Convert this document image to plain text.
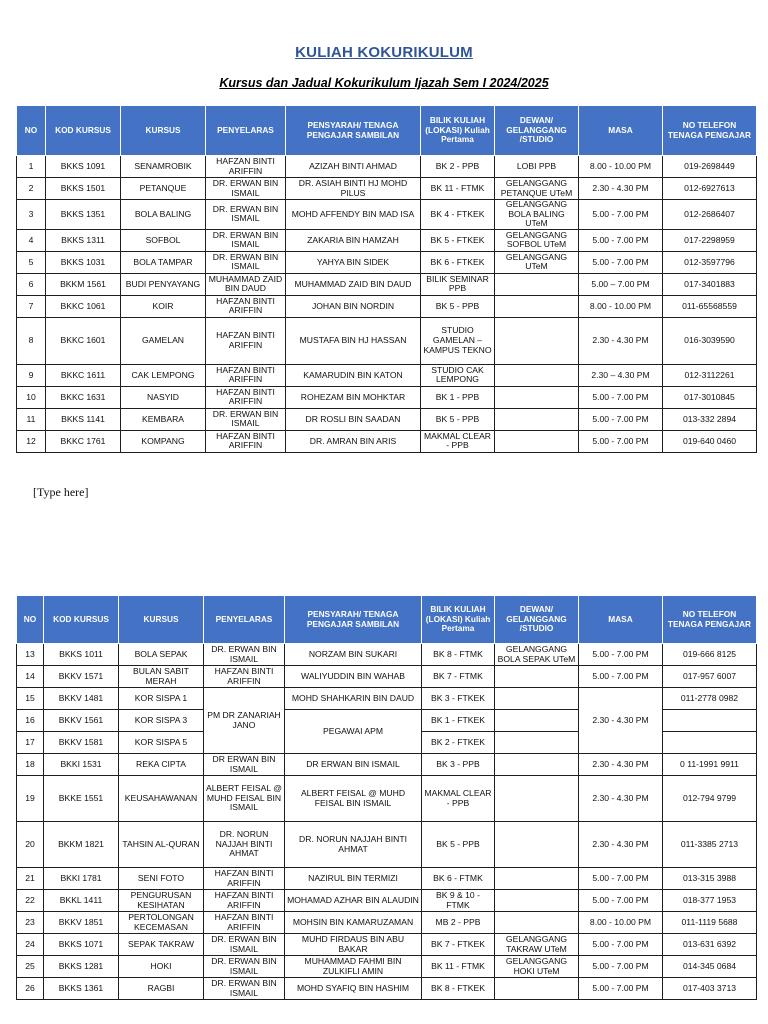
KULIAH KOKURIKULUM
Kursus dan Jadual Kokurikulum Ijazah Sem I 2024/2025
NO	KOD KURSUS	KURSUS	PENYELARAS	PENSYARAH/ TENAGA PENGAJAR SAMBILAN	BILIK KULIAH (LOKASI) Kuliah Pertama	DEWAN/ GELANGGANG /STUDIO	MASA	NO TELEFON TENAGA PENGAJAR
1	BKKS 1091	SENAMROBIK	HAFZAN BINTI ARIFFIN	AZIZAH BINTI AHMAD	BK 2 - PPB	LOBI PPB	8.00 - 10.00 PM	019-2698449
2	BKKS 1501	PETANQUE	DR. ERWAN BIN ISMAIL	DR. ASIAH BINTI HJ MOHD PILUS	BK 11 - FTMK	GELANGGANG PETANQUE UTeM	2.30 - 4.30 PM	012-6927613
3	BKKS 1351	BOLA BALING	DR. ERWAN BIN ISMAIL	MOHD AFFENDY BIN MAD ISA	BK 4 - FTKEK	GELANGGANG BOLA BALING UTeM	5.00 - 7.00 PM	012-2686407
4	BKKS 1311	SOFBOL	DR. ERWAN BIN ISMAIL	ZAKARIA BIN HAMZAH	BK 5 - FTKEK	GELANGGANG SOFBOL UTeM	5.00 - 7.00 PM	017-2298959
5	BKKS 1031	BOLA TAMPAR	DR. ERWAN BIN ISMAIL	YAHYA BIN SIDEK	BK 6 - FTKEK	GELANGGANG UTeM	5.00 - 7.00 PM	012-3597796
6	BKKM 1561	BUDI PENYAYANG	MUHAMMAD ZAID BIN DAUD	MUHAMMAD ZAID BIN DAUD	BILIK SEMINAR PPB		5.00 – 7.00 PM	017-3401883
7	BKKC 1061	KOIR	HAFZAN BINTI ARIFFIN	JOHAN BIN NORDIN	BK 5 - PPB		8.00 - 10.00 PM	011-65568559
8	BKKC 1601	GAMELAN	HAFZAN BINTI ARIFFIN	MUSTAFA BIN HJ HASSAN	STUDIO GAMELAN – KAMPUS TEKNO		2.30 - 4.30 PM	016-3039590
9	BKKC 1611	CAK LEMPONG	HAFZAN BINTI ARIFFIN	KAMARUDIN BIN KATON	STUDIO CAK LEMPONG		2.30 – 4.30 PM	012-3112261
10	BKKC 1631	NASYID	HAFZAN BINTI ARIFFIN	ROHEZAM BIN MOHKTAR	BK 1 - PPB		5.00 - 7.00 PM	017-3010845
11	BKKS 1141	KEMBARA	DR. ERWAN BIN ISMAIL	DR ROSLI BIN SAADAN	BK 5 - PPB		5.00 - 7.00 PM	013-332 2894
12	BKKC 1761	KOMPANG	HAFZAN BINTI ARIFFIN	DR. AMRAN BIN ARIS	MAKMAL CLEAR - PPB		5.00 - 7.00 PM	019-640 0460
[Type here]
NO	KOD KURSUS	KURSUS	PENYELARAS	PENSYARAH/ TENAGA PENGAJAR SAMBILAN	BILIK KULIAH (LOKASI) Kuliah Pertama	DEWAN/ GELANGGANG /STUDIO	MASA	NO TELEFON TENAGA PENGAJAR
13	BKKS 1011	BOLA SEPAK	DR. ERWAN BIN ISMAIL	NORZAM BIN SUKARI	BK 8 - FTMK	GELANGGANG BOLA SEPAK UTeM	5.00 - 7.00 PM	019-666 8125
14	BKKV 1571	BULAN SABIT MERAH	HAFZAN BINTI ARIFFIN	WALIYUDDIN BIN WAHAB	BK 7 - FTMK		5.00 - 7.00 PM	017-957 6007
15	BKKV 1481	KOR SISPA 1	PM DR ZANARIAH JANO	MOHD SHAHKARIN BIN DAUD	BK 3 - FTKEK		2.30 - 4.30 PM	011-2778 0982
16	BKKV 1561	KOR SISPA 3		PEGAWAI APM	BK 1 - FTKEK			
17	BKKV 1581	KOR SISPA 5			BK 2 - FTKEK			
18	BKKI 1531	REKA CIPTA	DR ERWAN BIN ISMAIL	DR ERWAN BIN ISMAIL	BK 3 - PPB		2.30 - 4.30 PM	0 11-1991 9911
19	BKKE 1551	KEUSAHAWANAN	ALBERT FEISAL @ MUHD FEISAL BIN ISMAIL	ALBERT FEISAL @ MUHD FEISAL BIN ISMAIL	MAKMAL CLEAR - PPB		2.30 - 4.30 PM	012-794 9799
20	BKKM 1821	TAHSIN AL-QURAN	DR. NORUN NAJJAH BINTI AHMAT	DR. NORUN NAJJAH BINTI AHMAT	BK 5 - PPB		2.30 - 4.30 PM	011-3385 2713
21	BKKI 1781	SENI FOTO	HAFZAN BINTI ARIFFIN	NAZIRUL BIN TERMIZI	BK 6 - FTMK		5.00 - 7.00 PM	013-315 3988
22	BKKL 1411	PENGURUSAN KESIHATAN	HAFZAN BINTI ARIFFIN	MOHAMAD AZHAR BIN ALAUDIN	BK 9 & 10 - FTMK		5.00 - 7.00 PM	018-377 1953
23	BKKV 1851	PERTOLONGAN KECEMASAN	HAFZAN BINTI ARIFFIN	MOHSIN BIN KAMARUZAMAN	MB 2 - PPB		8.00 - 10.00 PM	011-1119 5688
24	BKKS 1071	SEPAK TAKRAW	DR. ERWAN BIN ISMAIL	MUHD FIRDAUS BIN ABU BAKAR	BK 7 - FTKEK	GELANGGANG TAKRAW UTeM	5.00 - 7.00 PM	013-631 6392
25	BKKS 1281	HOKI	DR. ERWAN BIN ISMAIL	MUHAMMAD FAHMI BIN ZULKIFLI AMIN	BK 11 - FTMK	GELANGGANG HOKI UTeM	5.00 - 7.00 PM	014-345 0684
26	BKKS 1361	RAGBI	DR. ERWAN BIN ISMAIL	MOHD SYAFIQ BIN HASHIM	BK 8 - FTKEK		5.00 - 7.00 PM	017-403 3713
